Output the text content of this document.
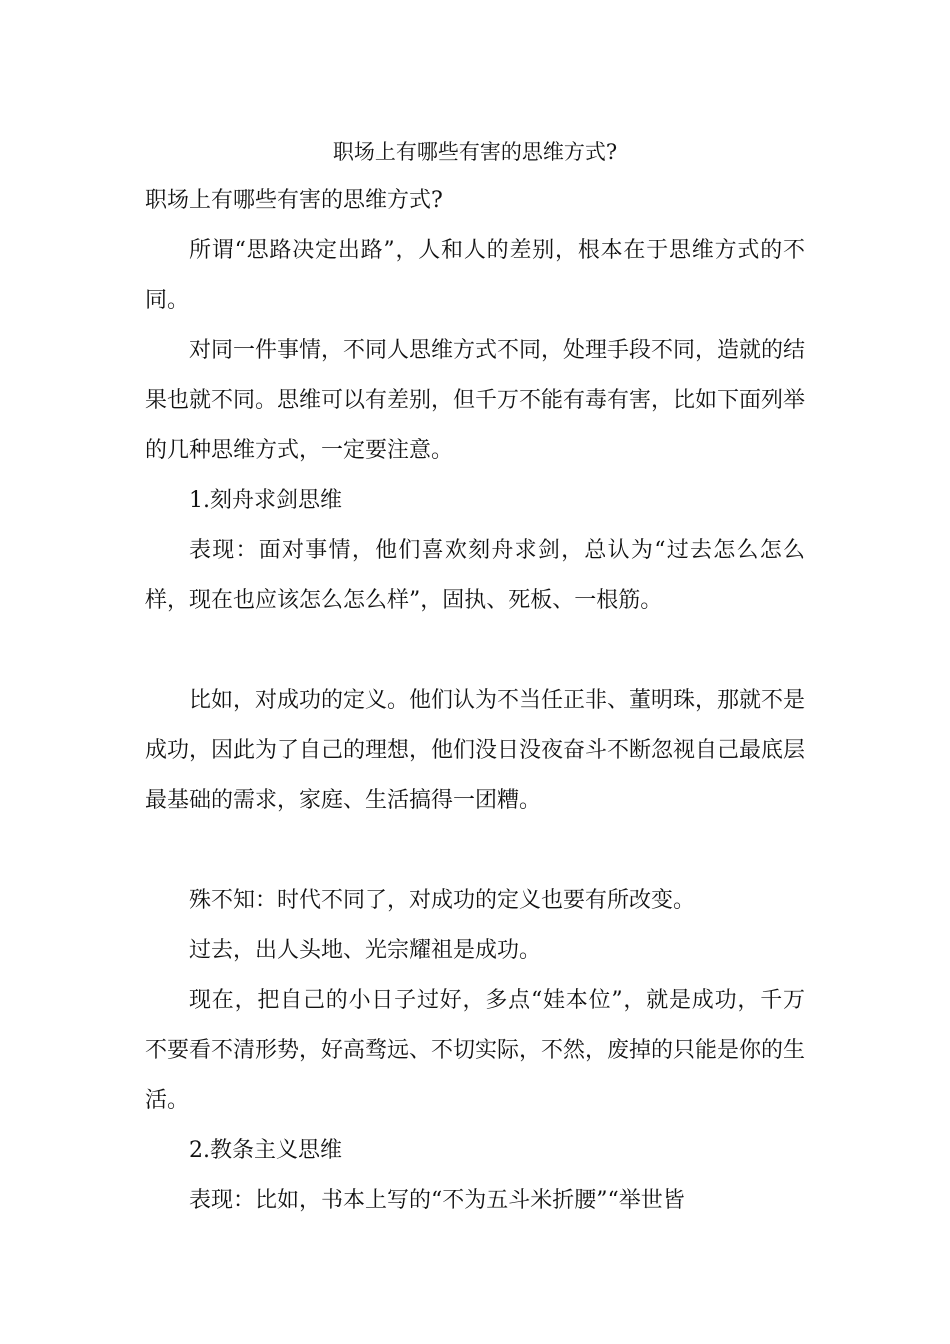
职场上有哪些有害的思维方式?

职场上有哪些有害的思维方式?

所谓“思路决定出路”，人和人的差别，根本在于思维方式的不同。

对同一件事情，不同人思维方式不同，处理手段不同，造就的结果也就不同。思维可以有差别，但千万不能有毒有害，比如下面列举的几种思维方式，一定要注意。

1.刻舟求剑思维

表现：面对事情，他们喜欢刻舟求剑，总认为“过去怎么怎么样，现在也应该怎么怎么样”，固执、死板、一根筋。

比如，对成功的定义。他们认为不当任正非、董明珠，那就不是成功，因此为了自己的理想，他们没日没夜奋斗不断忽视自己最底层最基础的需求，家庭、生活搞得一团糟。

殊不知：时代不同了，对成功的定义也要有所改变。

过去，出人头地、光宗耀祖是成功。

现在，把自己的小日子过好，多点“娃本位”，就是成功，千万不要看不清形势，好高骛远、不切实际，不然，废掉的只能是你的生活。

2.教条主义思维

表现：比如，书本上写的“不为五斗米折腰”“举世皆
